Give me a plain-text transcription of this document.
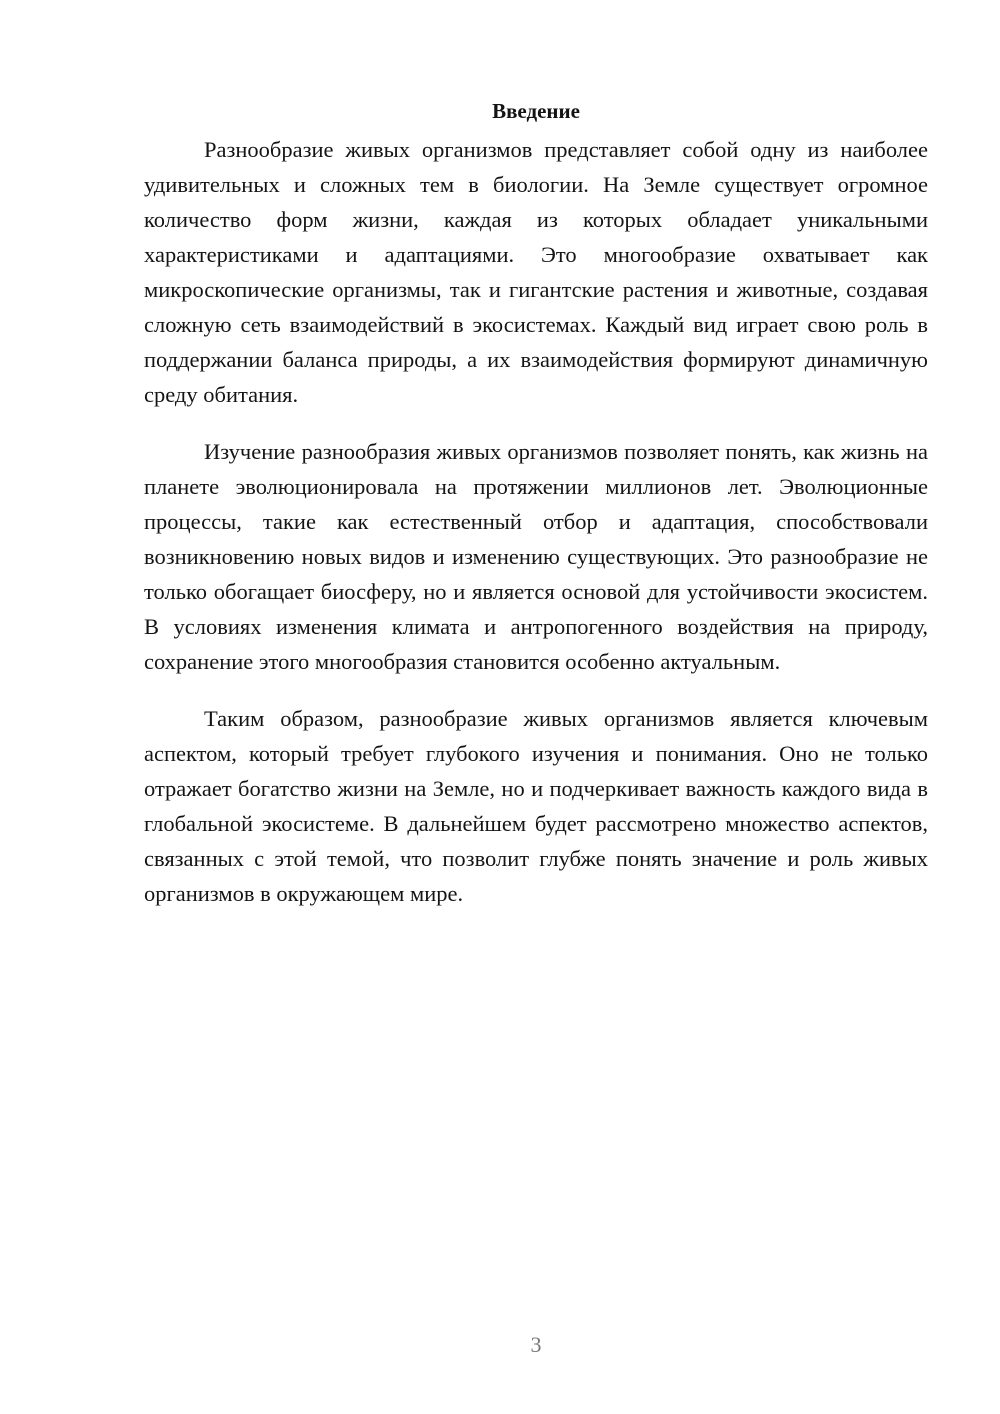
Введение

Разнообразие живых организмов представляет собой одну из наиболее удивительных и сложных тем в биологии. На Земле существует огромное количество форм жизни, каждая из которых обладает уникальными характеристиками и адаптациями. Это многообразие охватывает как микроскопические организмы, так и гигантские растения и животные, создавая сложную сеть взаимодействий в экосистемах. Каждый вид играет свою роль в поддержании баланса природы, а их взаимодействия формируют динамичную среду обитания.

Изучение разнообразия живых организмов позволяет понять, как жизнь на планете эволюционировала на протяжении миллионов лет. Эволюционные процессы, такие как естественный отбор и адаптация, способствовали возникновению новых видов и изменению существующих. Это разнообразие не только обогащает биосферу, но и является основой для устойчивости экосистем. В условиях изменения климата и антропогенного воздействия на природу, сохранение этого многообразия становится особенно актуальным.

Таким образом, разнообразие живых организмов является ключевым аспектом, который требует глубокого изучения и понимания. Оно не только отражает богатство жизни на Земле, но и подчеркивает важность каждого вида в глобальной экосистеме. В дальнейшем будет рассмотрено множество аспектов, связанных с этой темой, что позволит глубже понять значение и роль живых организмов в окружающем мире.

3
